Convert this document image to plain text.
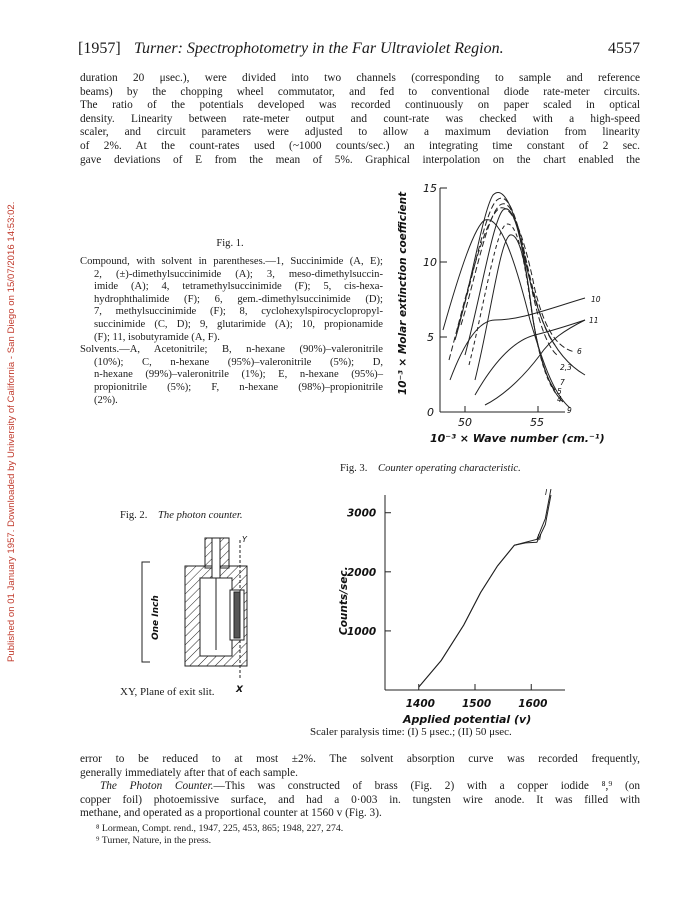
Published on 01 January 1957. Downloaded by University of California - San Diego on 15/07/2016 14:53:02.
[1957] Turner: Spectrophotometry in the Far Ultraviolet Region.	4557
duration 20 μsec.), were divided into two channels (corresponding to sample and reference
beams) by the chopping wheel commutator, and fed to conventional diode rate-meter circuits.
The ratio of the potentials developed was recorded continuously on paper scaled in optical
density. Linearity between rate-meter output and count-rate was checked with a high-speed
scaler, and circuit parameters were adjusted to allow a maximum deviation from linearity
of 2%. At the count-rates used (~1000 counts/sec.) an integrating time constant of 2 sec.
gave deviations of E from the mean of 5%. Graphical interpolation on the chart enabled the
Fig. 1.
Compound, with solvent in parentheses.—1, Succinimide (A, E);
2, (±)-dimethylsuccinimide (A); 3, meso-dimethylsuccin-
imide (A); 4, tetramethylsuccinimide (F); 5, cis-hexa-
hydrophthalimide (F); 6, gem.-dimethylsuccinimide (D);
7, methylsuccinimide (F); 8, cyclohexylspirocyclopropyl-
succinimide (C, D); 9, glutarimide (A); 10, propionamide
(F); 11, isobutyramide (A, F).
Solvents.—A, Acetonitrile; B, n-hexane (90%)–valeronitrile
(10%); C, n-hexane (95%)–valeronitrile (5%); D,
n-hexane (99%)–valeronitrile (1%); E, n-hexane (95%)–
propionitrile (5%); F, n-hexane (98%)–propionitrile
(2%).
15
10
5
0
50	55
10⁻³ × Wave number (cm.⁻¹)
10⁻³ × Molar extinction coefficient	10
11
6
2,3
7
5
4
9
Fig. 3. Counter operating characteristic.
Fig. 2. The photon counter.
One Inch
Y
X
XY, Plane of exit slit.
3000
2000
1000
1400	1500	1600
I
II
Counts/sec.
Applied potential (v)
Scaler paralysis time: (I) 5 μsec.; (II) 50 μsec.
error to be reduced to at most ±2%. The solvent absorption curve was recorded frequently,
generally immediately after that of each sample.
The Photon Counter.—This was constructed of brass (Fig. 2) with a copper iodide ⁸,⁹ (on
copper foil) photoemissive surface, and had a 0·003 in. tungsten wire anode. It was filled with
methane, and operated as a proportional counter at 1560 v (Fig. 3).
⁸ Lormean, Compt. rend., 1947, 225, 453, 865; 1948, 227, 274.
⁹ Turner, Nature, in the press.
